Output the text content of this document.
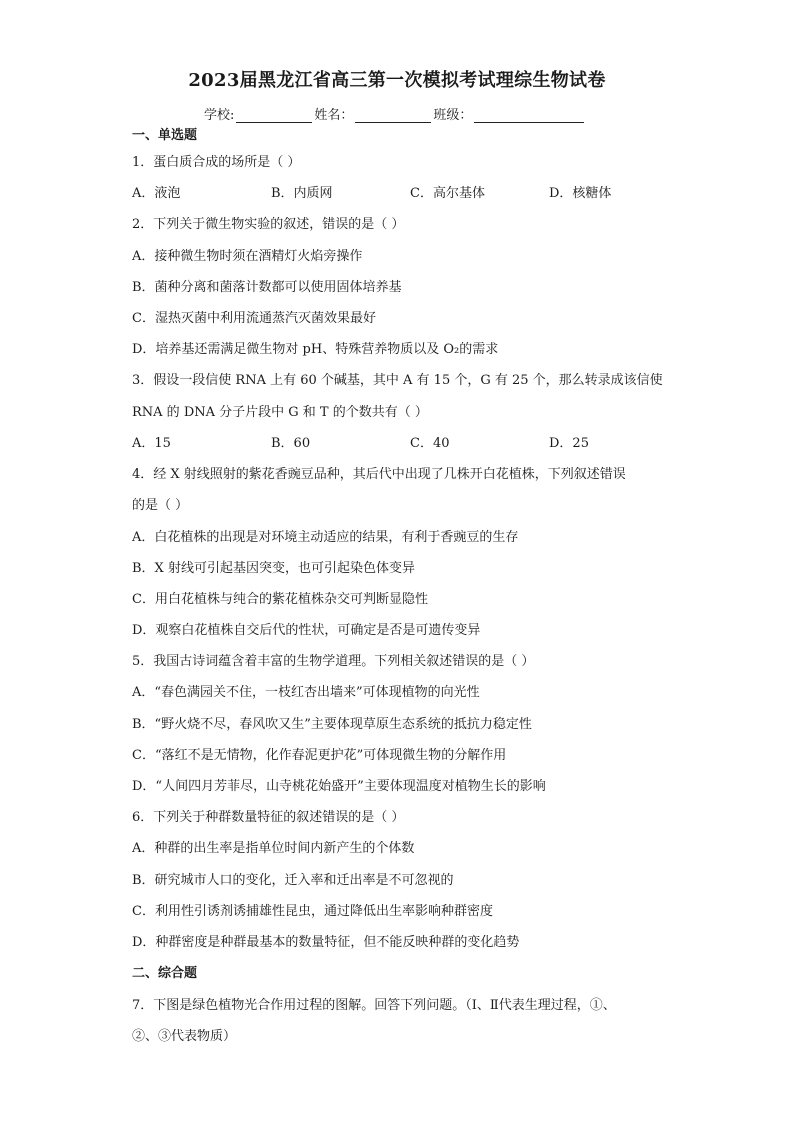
2023届黑龙江省高三第一次模拟考试理综生物试卷
学校:	姓名：	班级：
一、单选题
1．蛋白质合成的场所是（ ）
A．液泡	B．内质网	C．高尔基体	D．核糖体
2．下列关于微生物实验的叙述，错误的是（ ）
A．接种微生物时须在酒精灯火焰旁操作
B．菌种分离和菌落计数都可以使用固体培养基
C．湿热灭菌中利用流通蒸汽灭菌效果最好
D．培养基还需满足微生物对 pH、特殊营养物质以及 O₂的需求
3．假设一段信使 RNA 上有 60 个碱基，其中 A 有 15 个，G 有 25 个，那么转录成该信使
RNA 的 DNA 分子片段中 G 和 T 的个数共有（ ）
A．15	B．60	C．40	D．25
4．经 X 射线照射的紫花香豌豆品种，其后代中出现了几株开白花植株，下列叙述错误
的是（ ）
A．白花植株的出现是对环境主动适应的结果，有利于香豌豆的生存
B．X 射线可引起基因突变，也可引起染色体变异
C．用白花植株与纯合的紫花植株杂交可判断显隐性
D．观察白花植株自交后代的性状，可确定是否是可遗传变异
5．我国古诗词蕴含着丰富的生物学道理。下列相关叙述错误的是（ ）
A．“春色满园关不住，一枝红杏出墙来”可体现植物的向光性
B．“野火烧不尽，春风吹又生”主要体现草原生态系统的抵抗力稳定性
C．“落红不是无情物，化作春泥更护花”可体现微生物的分解作用
D．“人间四月芳菲尽，山寺桃花始盛开”主要体现温度对植物生长的影响
6．下列关于种群数量特征的叙述错误的是（ ）
A．种群的出生率是指单位时间内新产生的个体数
B．研究城市人口的变化，迁入率和迁出率是不可忽视的
C．利用性引诱剂诱捕雄性昆虫，通过降低出生率影响种群密度
D．种群密度是种群最基本的数量特征，但不能反映种群的变化趋势
二、综合题
7．下图是绿色植物光合作用过程的图解。回答下列问题。（Ⅰ、Ⅱ代表生理过程，①、
②、③代表物质）
